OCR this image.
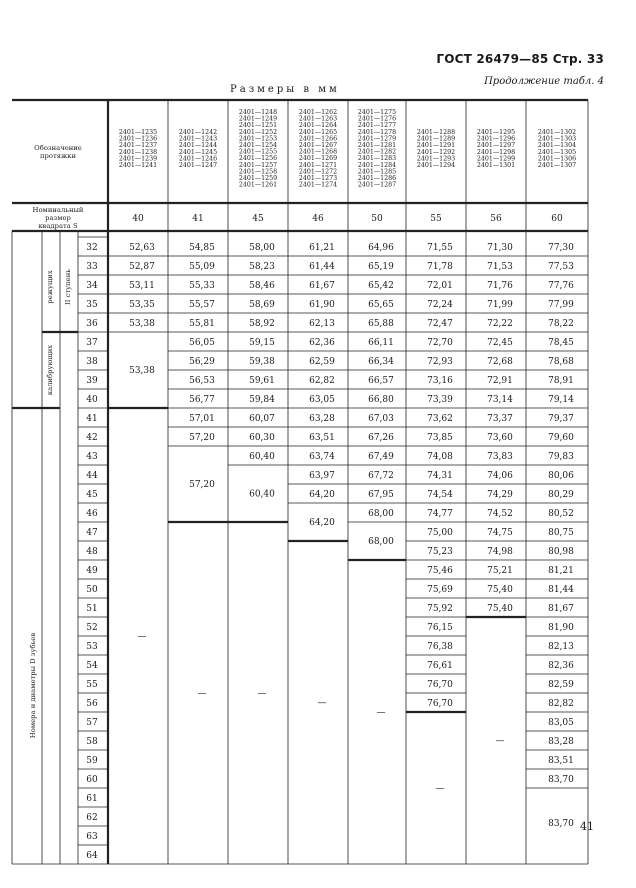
ГОСТ 26479—85 Стр. 33
Продолжение табл. 4
Размеры в мм
Обозначение
протяжки
Номинальный
размер
квадрата S
2401—1235
2401—1236
2401—1237
2401—1238
2401—1239
2401—1241
40
2401—1242
2401—1243
2401—1244
2401—1245
2401—1246
2401—1247
41
2401—1248
2401—1249
2401—1251
2401—1252
2401—1253
2401—1254
2401—1255
2401—1256
2401—1257
2401—1258
2401—1259
2401—1261
45
2401—1262
2401—1263
2401—1264
2401—1265
2401—1266
2401—1267
2401—1268
2401—1269
2401—1271
2401—1272
2401—1273
2401—1274
46
2401—1275
2401—1276
2401—1277
2401—1278
2401—1279
2401—1281
2401—1282
2401—1283
2401—1284
2401—1285
2401—1286
2401—1287
50
2401—1288
2401—1289
2401—1291
2401—1292
2401—1293
2401—1294
55
2401—1295
2401—1296
2401—1297
2401—1298
2401—1299
2401—1301
56
2401—1302
2401—1303
2401—1304
2401—1305
2401—1306
2401—1307
60
Номера и диаметры D зубьев
режущих II ступень
калибрующих
32
33
34
35
36
37
38
39
40
41
42
43
44
45
46
47
48
49
50
51
52
53
54
55
56
57
58
59
60
61
62
63
64
52,63
52,87
53,11
53,35
53,38
53,38
—
54,85
55,09
55,33
55,57
55,81
56,05
56,29
56,53
56,77
57,01
57,20
57,20
—
58,00
58,23
58,46
58,69
58,92
59,15
59,38
59,61
59,84
60,07
60,30
60,40
60,40
—
61,21
61,44
61,67
61,90
62,13
62,36
62,59
62,82
63,05
63,28
63,51
63,74
63,97
64,20
64,20
—
64,96
65,19
65,42
65,65
65,88
66,11
66,34
66,57
66,80
67,03
67,26
67,49
67,72
67,95
68,00
68,00
—
71,55
71,78
72,01
72,24
72,47
72,70
72,93
73,16
73,39
73,62
73,85
74,08
74,31
74,54
74,77
75,00
75,23
75,46
75,69
75,92
76,15
76,38
76,61
76,70
76,70
—
71,30
71,53
71,76
71,99
72,22
72,45
72,68
72,91
73,14
73,37
73,60
73,83
74,06
74,29
74,52
74,75
74,98
75,21
75,40
75,40
—
77,30
77,53
77,76
77,99
78,22
78,45
78,68
78,91
79,14
79,37
79,60
79,83
80,06
80,29
80,52
80,75
80,98
81,21
81,44
81,67
81,90
82,13
82,36
82,59
82,82
83,05
83,28
83,51
83,70
83,70 41
